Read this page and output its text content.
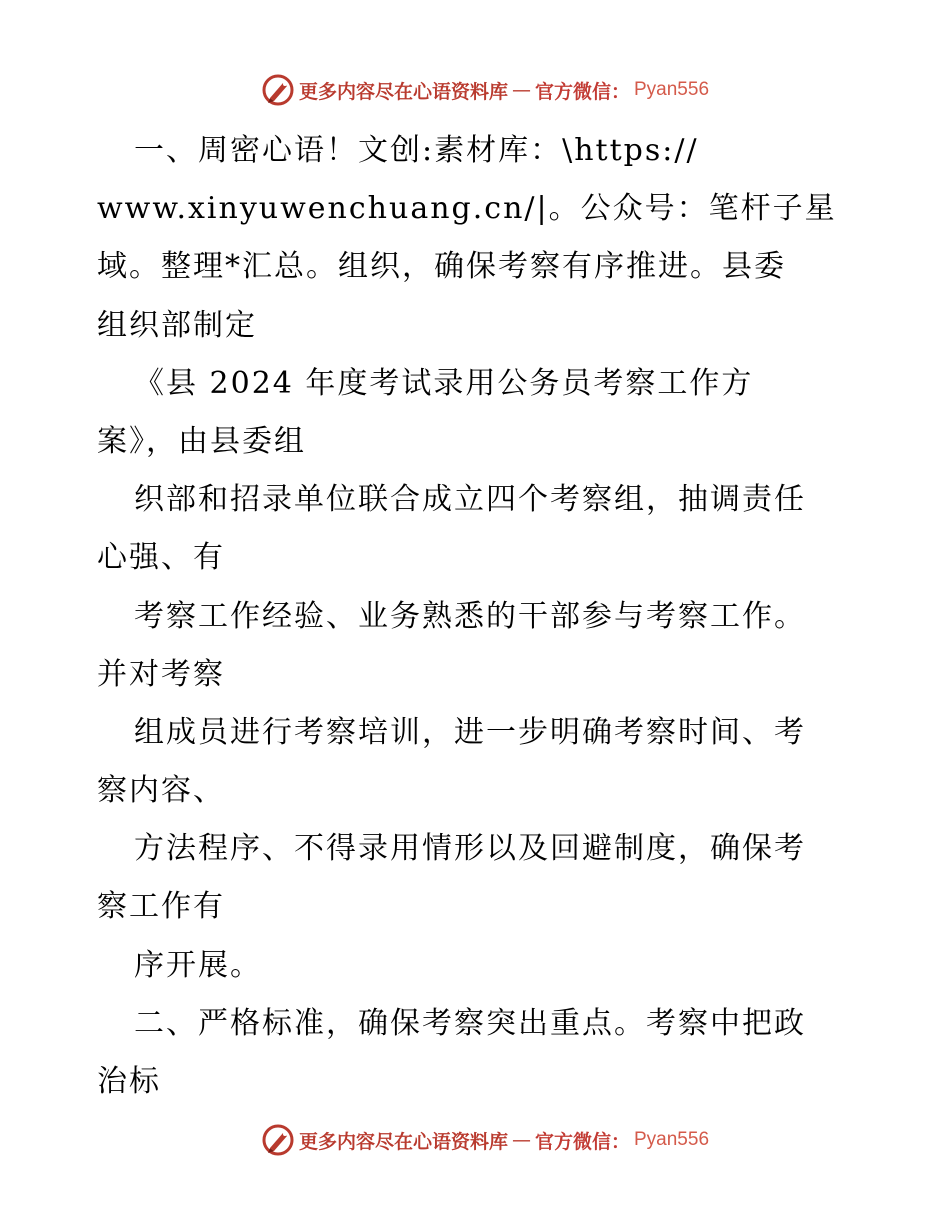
更多内容尽在心语资料库 — 官方微信： Pyan556
一、周密心语！文创:素材库：\https://
www.xinyuwenchuang.cn/|。公众号：笔杆子星
域。整理*汇总。组织，确保考察有序推进。县委
组织部制定
《县 2024 年度考试录用公务员考察工作方
案》，由县委组
织部和招录单位联合成立四个考察组，抽调责任
心强、有
考察工作经验、业务熟悉的干部参与考察工作。
并对考察
组成员进行考察培训，进一步明确考察时间、考
察内容、
方法程序、不得录用情形以及回避制度，确保考
察工作有
序开展。
二、严格标准，确保考察突出重点。考察中把政
治标
更多内容尽在心语资料库 — 官方微信： Pyan556
